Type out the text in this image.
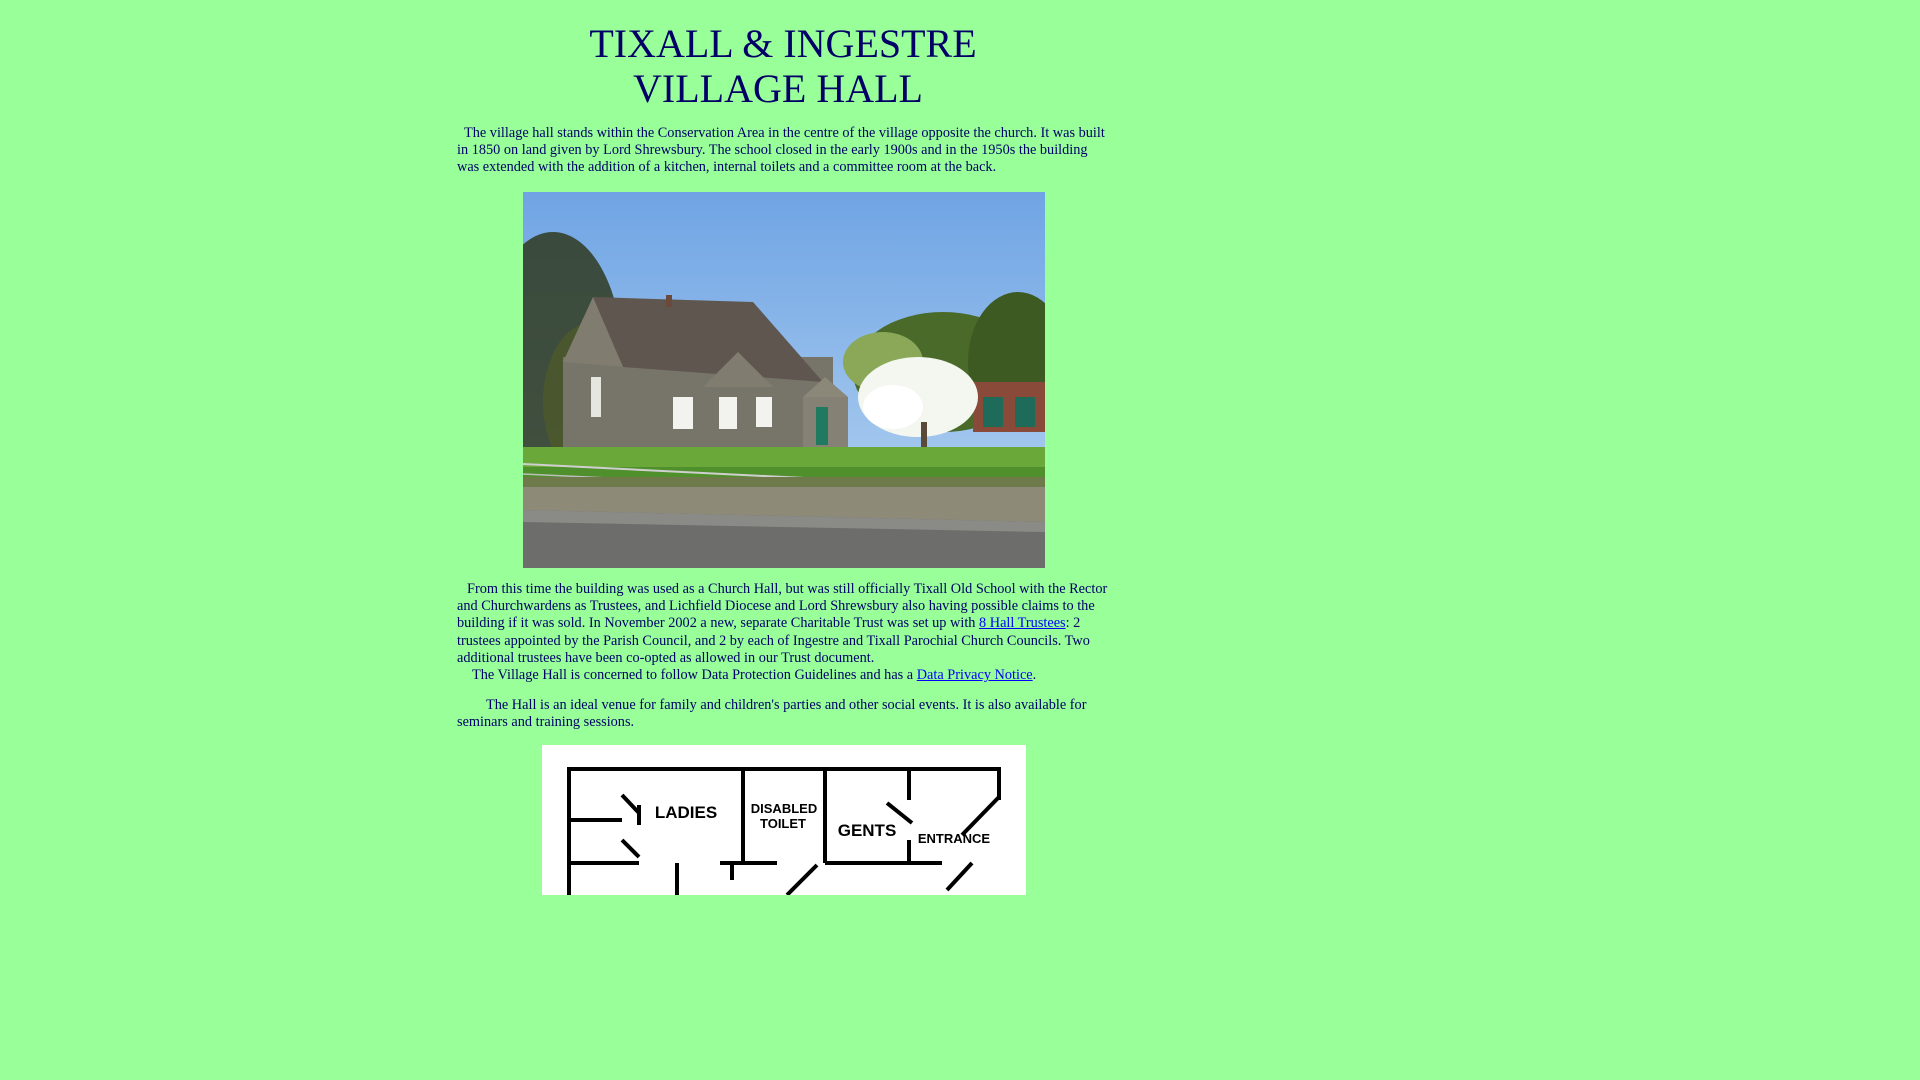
TIXALL & INGESTRE
VILLAGE HALL

The village hall stands within the Conservation Area in the centre of the village opposite the church. It was built in 1850 on land given by Lord Shrewsbury. The school closed in the early 1900s and in the 1950s the building was extended with the addition of a kitchen, internal toilets and a committee room at the back.

From this time the building was used as a Church Hall, but was still officially Tixall Old School with the Rector and Churchwardens as Trustees, and Lichfield Diocese and Lord Shrewsbury also having possible claims to the building if it was sold. In November 2002 a new, separate Charitable Trust was set up with 8 Hall Trustees: 2 trustees appointed by the Parish Council, and 2 by each of Ingestre and Tixall Parochial Church Councils. Two additional trustees have been co-opted as allowed in our Trust document.

The Village Hall is concerned to follow Data Protection Guidelines and has a Data Privacy Notice.

The Hall is an ideal venue for family and children's parties and other social events. It is also available for seminars and training sessions.

LADIES	DISABLED
TOILET GENTS ENTRANCE
